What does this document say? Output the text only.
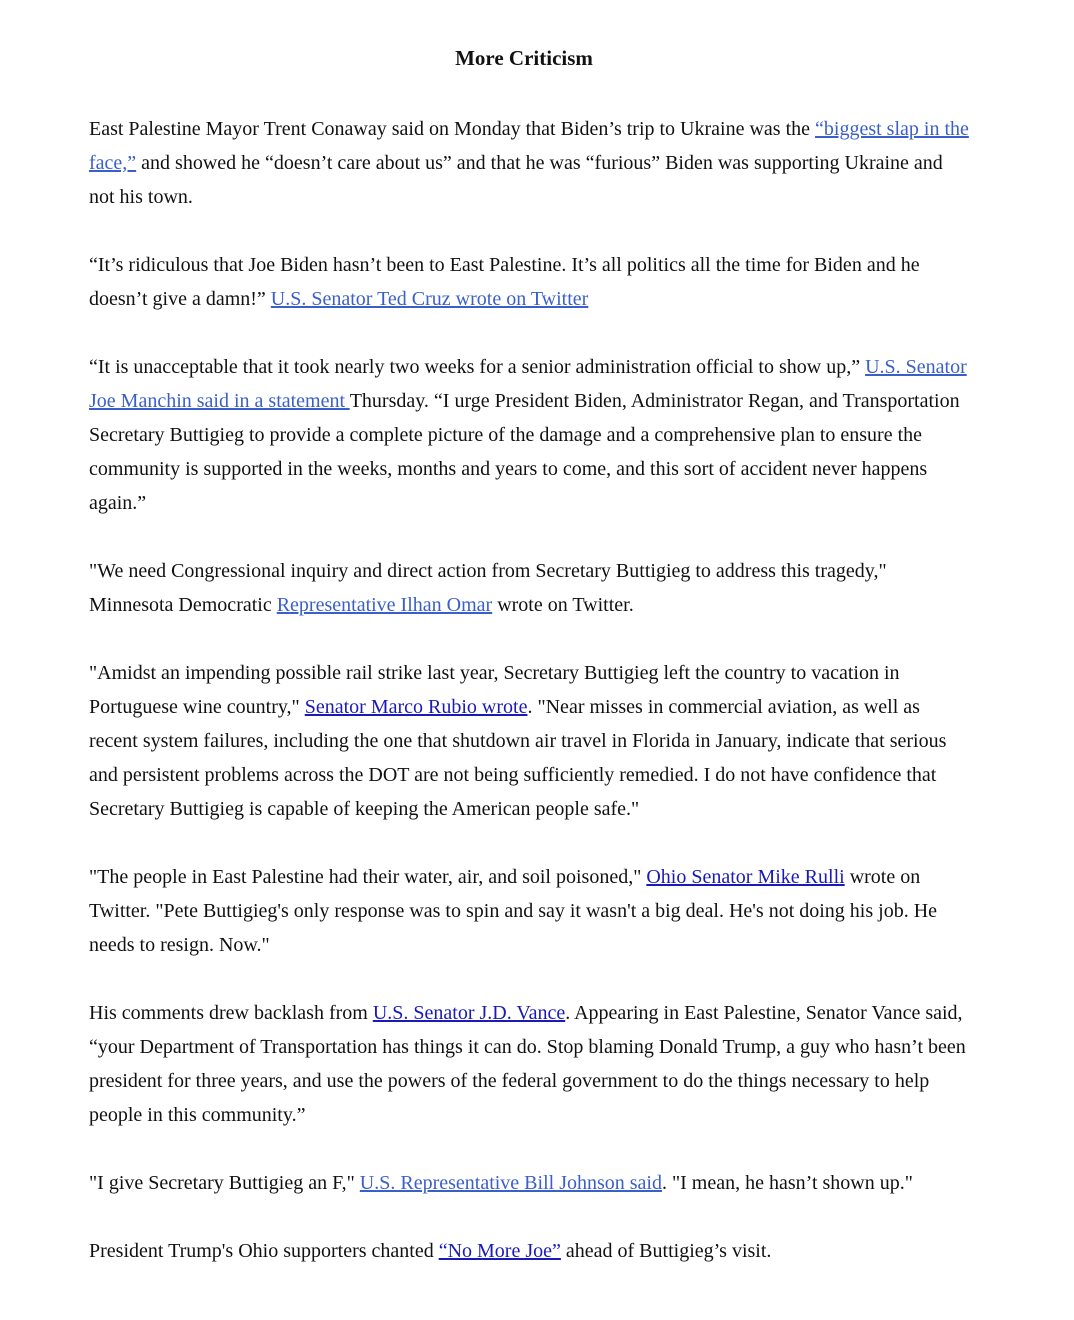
More Criticism

East Palestine Mayor Trent Conaway said on Monday that Biden’s trip to Ukraine was the “biggest slap in the face,” and showed he “doesn’t care about us” and that he was “furious” Biden was supporting Ukraine and not his town.

“It’s ridiculous that Joe Biden hasn’t been to East Palestine. It’s all politics all the time for Biden and he doesn’t give a damn!” U.S. Senator Ted Cruz wrote on Twitter

“It is unacceptable that it took nearly two weeks for a senior administration official to show up,” U.S. Senator Joe Manchin said in a statement Thursday. “I urge President Biden, Administrator Regan, and Transportation Secretary Buttigieg to provide a complete picture of the damage and a comprehensive plan to ensure the community is supported in the weeks, months and years to come, and this sort of accident never happens again.”

"We need Congressional inquiry and direct action from Secretary Buttigieg to address this tragedy," Minnesota Democratic Representative Ilhan Omar wrote on Twitter.

"Amidst an impending possible rail strike last year, Secretary Buttigieg left the country to vacation in Portuguese wine country," Senator Marco Rubio wrote. "Near misses in commercial aviation, as well as recent system failures, including the one that shutdown air travel in Florida in January, indicate that serious and persistent problems across the DOT are not being sufficiently remedied. I do not have confidence that Secretary Buttigieg is capable of keeping the American people safe."

"The people in East Palestine had their water, air, and soil poisoned," Ohio Senator Mike Rulli wrote on Twitter. "Pete Buttigieg's only response was to spin and say it wasn't a big deal. He's not doing his job. He needs to resign. Now."

His comments drew backlash from U.S. Senator J.D. Vance. Appearing in East Palestine, Senator Vance said, “your Department of Transportation has things it can do. Stop blaming Donald Trump, a guy who hasn’t been president for three years, and use the powers of the federal government to do the things necessary to help people in this community.”

"I give Secretary Buttigieg an F," U.S. Representative Bill Johnson said. "I mean, he hasn’t shown up."

President Trump's Ohio supporters chanted “No More Joe” ahead of Buttigieg’s visit.
